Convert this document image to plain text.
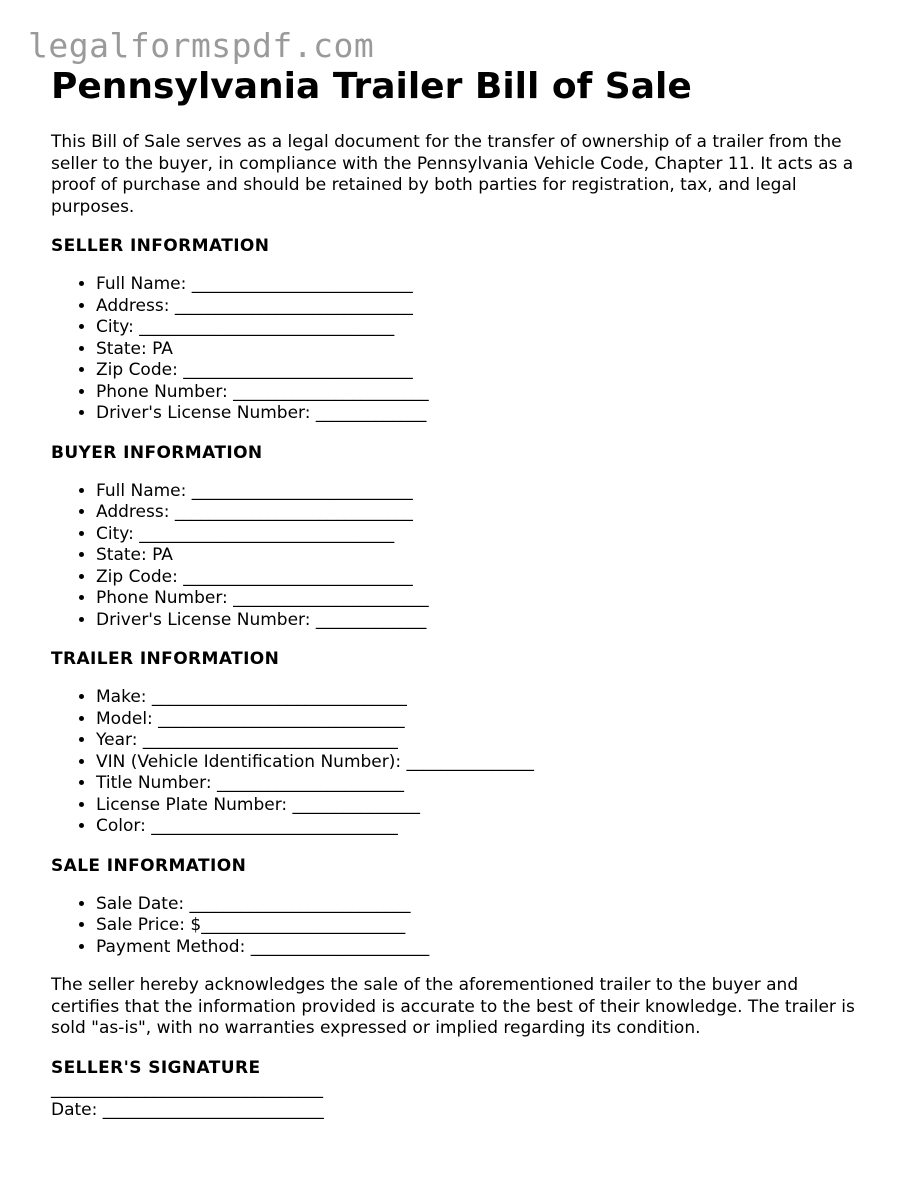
legalformspdf.com
Pennsylvania Trailer Bill of Sale

This Bill of Sale serves as a legal document for the transfer of ownership of a trailer from the seller to the buyer, in compliance with the Pennsylvania Vehicle Code, Chapter 11. It acts as a proof of purchase and should be retained by both parties for registration, tax, and legal purposes.

SELLER INFORMATION
• Full Name: __________________________
• Address: ____________________________
• City: ______________________________
• State: PA
• Zip Code: ___________________________
• Phone Number: _______________________
• Driver's License Number: _____________
BUYER INFORMATION
• Full Name: __________________________
• Address: ____________________________
• City: ______________________________
• State: PA
• Zip Code: ___________________________
• Phone Number: _______________________
• Driver's License Number: _____________
TRAILER INFORMATION
• Make: ______________________________
• Model: _____________________________
• Year: ______________________________
• VIN (Vehicle Identification Number): _______________
• Title Number: ______________________
• License Plate Number: _______________
• Color: _____________________________
SALE INFORMATION
• Sale Date: __________________________
• Sale Price: $________________________
• Payment Method: _____________________

The seller hereby acknowledges the sale of the aforementioned trailer to the buyer and certifies that the information provided is accurate to the best of their knowledge. The trailer is sold "as-is", with no warranties expressed or implied regarding its condition.

SELLER'S SIGNATURE
________________________________
Date: __________________________
